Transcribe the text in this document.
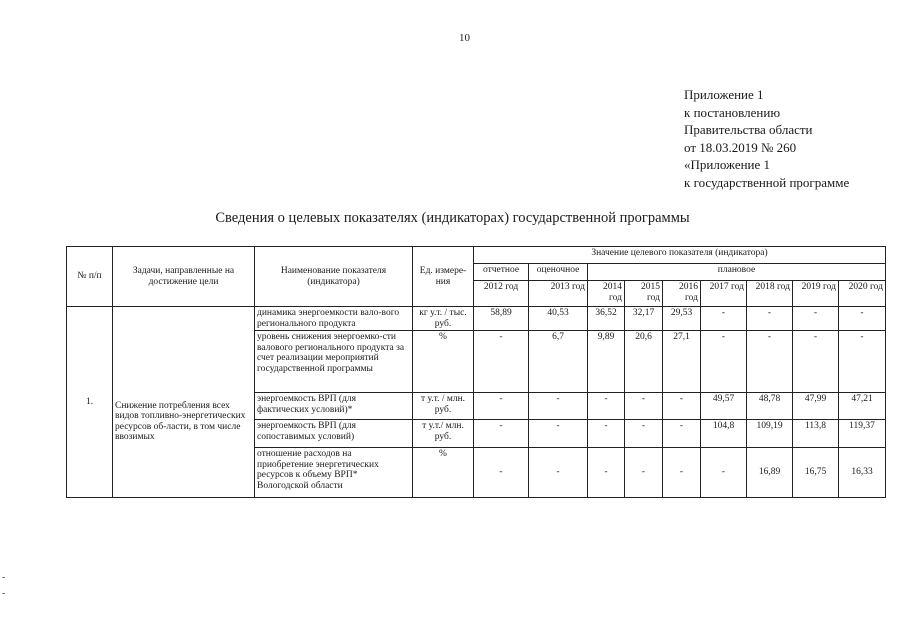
10
Приложение 1
к постановлению
Правительства области
от 18.03.2019 № 260
«Приложение 1
к государственной программе
Сведения о целевых показателях (индикаторах) государственной программы
№ п/п	Задачи, направленные на достижение цели	Наименование показателя (индикатора)	Ед. измере-ния	Значение целевого показателя (индикатора)								
				отчетное	оценочное	плановое						
				2012 год	2013 год	2014 год	2015 год	2016 год	2017 год	2018 год	2019 год	2020 год
1.	Снижение потребления всех видов топливно-энергетических ресурсов об-ласти, в том числе ввозимых	динамика энергоемкости вало-вого регионального продукта	кг у.т. / тыс. руб.	58,89	40,53	36,52	32,17	29,53	-	-	-	-
		уровень снижения энергоемко-сти валового регионального продукта за счет реализации мероприятий государственной программы	%	-	6,7	9,89	20,6	27,1	-	-	-	-
		энергоемкость ВРП (для фактических условий)*	т у.т. / млн. руб.	-	-	-	-	-	49,57	48,78	47,99	47,21
		энергоемкость ВРП (для сопоставимых условий)	т у.т./ млн. руб.	-	-	-	-	-	104,8	109,19	113,8	119,37
		отношение расходов на приобретение энергетических ресурсов к объему ВРП* Вологодской области	%	-	-	-	-	-	-	16,89	16,75	16,33
-
-
